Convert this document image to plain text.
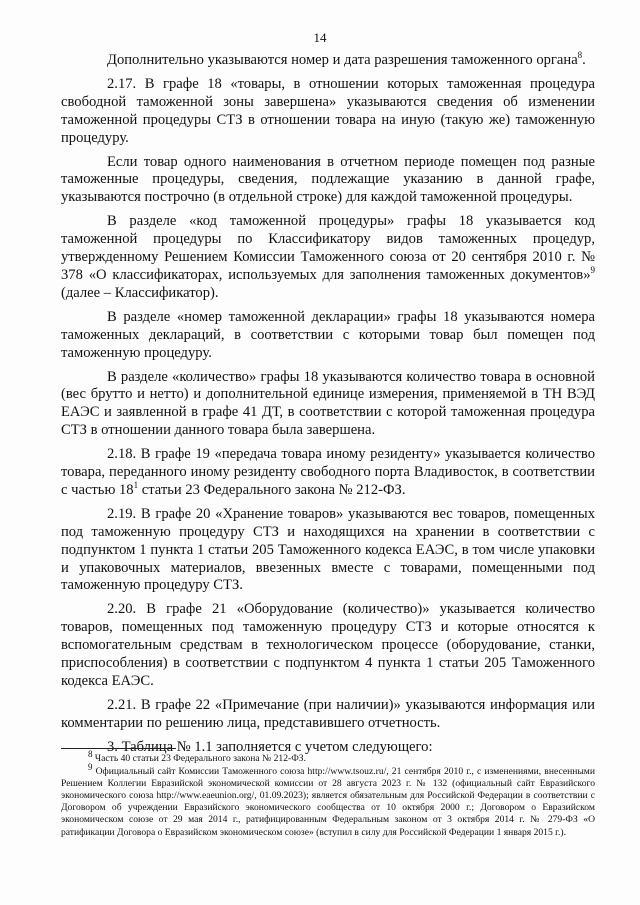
14

Дополнительно указываются номер и дата разрешения таможенного органа$^8$.

2.17. В графе 18 «товары, в отношении которых таможенная процедура свободной таможенной зоны завершена» указываются сведения об изменении таможенной процедуры СТЗ в отношении товара на иную (такую же) таможенную процедуру.

Если товар одного наименования в отчетном периоде помещен под разные таможенные процедуры, сведения, подлежащие указанию в данной графе, указываются построчно (в отдельной строке) для каждой таможенной процедуры.

В разделе «код таможенной процедуры» графы 18 указывается код таможенной процедуры по Классификатору видов таможенных процедур, утвержденному Решением Комиссии Таможенного союза от 20 сентября 2010 г. № 378 «О классификаторах, используемых для заполнения таможенных документов»$^9$ (далее – Классификатор).

В разделе «номер таможенной декларации» графы 18 указываются номера таможенных деклараций, в соответствии с которыми товар был помещен под таможенную процедуру.

В разделе «количество» графы 18 указываются количество товара в основной (вес брутто и нетто) и дополнительной единице измерения, применяемой в ТН ВЭД ЕАЭС и заявленной в графе 41 ДТ, в соответствии с которой таможенная процедура СТЗ в отношении данного товара была завершена.

2.18. В графе 19 «передача товара иному резиденту» указывается количество товара, переданного иному резиденту свободного порта Владивосток, в соответствии с частью $18^1$ статьи 23 Федерального закона № 212-ФЗ.

2.19. В графе 20 «Хранение товаров» указываются вес товаров, помещенных под таможенную процедуру СТЗ и находящихся на хранении в соответствии с подпунктом 1 пункта 1 статьи 205 Таможенного кодекса ЕАЭС, в том числе упаковки и упаковочных материалов, ввезенных вместе с товарами, помещенными под таможенную процедуру СТЗ.

2.20. В графе 21 «Оборудование (количество)» указывается количество товаров, помещенных под таможенную процедуру СТЗ и которые относятся к вспомогательным средствам в технологическом процессе (оборудование, станки, приспособления) в соответствии с подпунктом 4 пункта 1 статьи 205 Таможенного кодекса ЕАЭС.

2.21. В графе 22 «Примечание (при наличии)» указываются информация или комментарии по решению лица, представившего отчетность.

3. Таблица № 1.1 заполняется с учетом следующего:

$^8$ Часть 40 статьи 23 Федерального закона № 212-ФЗ.

$^9$ Официальный сайт Комиссии Таможенного союза http://www.tsouz.ru/, 21 сентября 2010 г., с изменениями, внесенными Решением Коллегии Евразийской экономической комиссии от 28 августа 2023 г. № 132 (официальный сайт Евразийского экономического союза http://www.eaeunion.org/, 01.09.2023); является обязательным для Российской Федерации в соответствии с Договором об учреждении Евразийского экономического сообщества от 10 октября 2000 г.; Договором о Евразийском экономическом союзе от 29 мая 2014 г., ратифицированным Федеральным законом от 3 октября 2014 г. № 279-ФЗ «О ратификации Договора о Евразийском экономическом союзе» (вступил в силу для Российской Федерации 1 января 2015 г.).
